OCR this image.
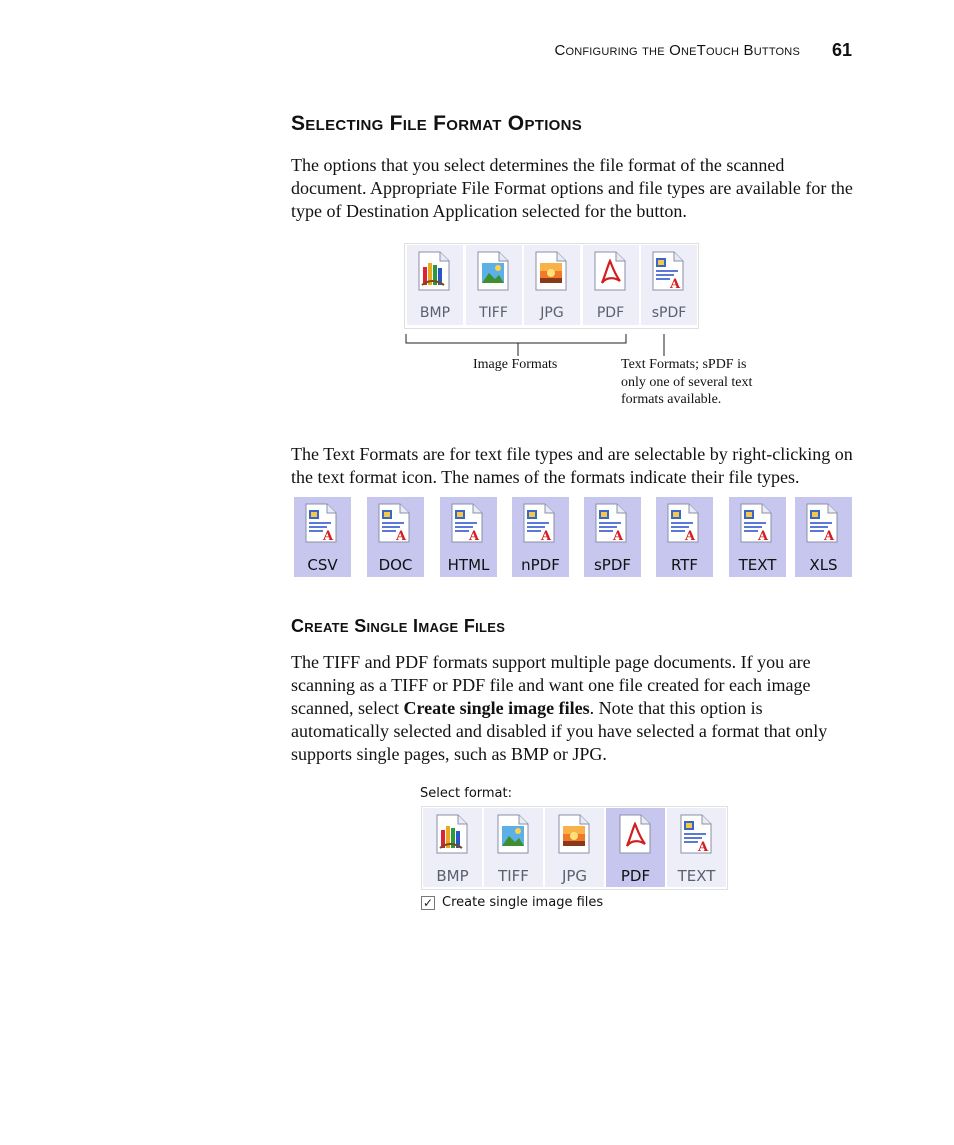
Configuring the OneTouch Buttons 61
Selecting File Format Options
The options that you select determines the file format of the scanned document. Appropriate File Format options and file types are available for the type of Destination Application selected for the button.
BMP	TIFF	JPG	PDF
A
sPDF
Image Formats	Text Formats; sPDF is only one of several text formats available.
The Text Formats are for text file types and are selectable by right-clicking on the text format icon. The names of the formats indicate their file types.
A
CSV
A
DOC
A
HTML
A
nPDF
A
sPDF
A
RTF
A
TEXT
A
XLS
Create Single Image Files
The TIFF and PDF formats support multiple page documents. If you are scanning as a TIFF or PDF file and want one file created for each image scanned, select Create single image files. Note that this option is automatically selected and disabled if you have selected a format that only supports single pages, such as BMP or JPG.
Select format:
BMP	TIFF	JPG	PDF
A
TEXT
✓ Create single image files
